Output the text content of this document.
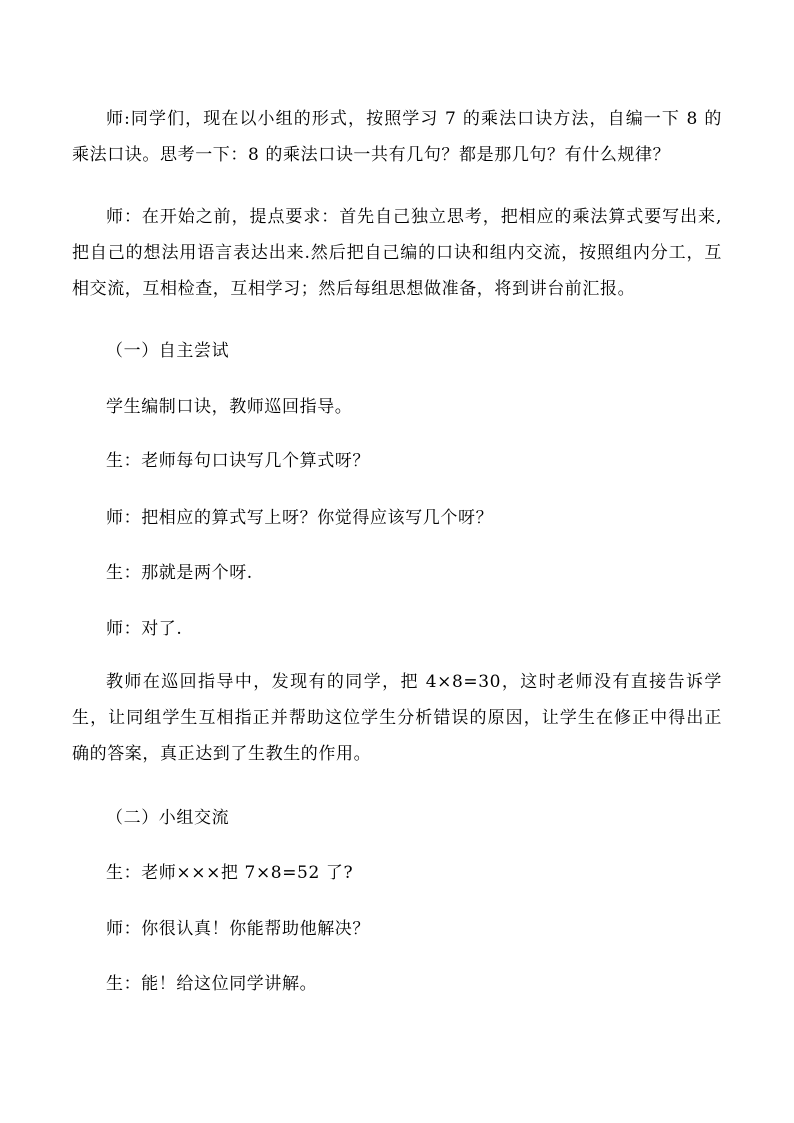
师:同学们，现在以小组的形式，按照学习 7 的乘法口诀方法，自编一下 8 的乘法口诀。思考一下：8 的乘法口诀一共有几句？都是那几句？有什么规律？

师：在开始之前，提点要求：首先自己独立思考，把相应的乘法算式要写出来,把自己的想法用语言表达出来.然后把自己编的口诀和组内交流，按照组内分工，互相交流，互相检查，互相学习；然后每组思想做准备，将到讲台前汇报。

（一）自主尝试

学生编制口诀，教师巡回指导。

生：老师每句口诀写几个算式呀？

师：把相应的算式写上呀？你觉得应该写几个呀？

生：那就是两个呀.

师：对了.

教师在巡回指导中，发现有的同学，把 4×8=30，这时老师没有直接告诉学生，让同组学生互相指正并帮助这位学生分析错误的原因，让学生在修正中得出正确的答案，真正达到了生教生的作用。

（二）小组交流

生：老师×××把 7×8=52 了?

师：你很认真！你能帮助他解决？

生：能！给这位同学讲解。
